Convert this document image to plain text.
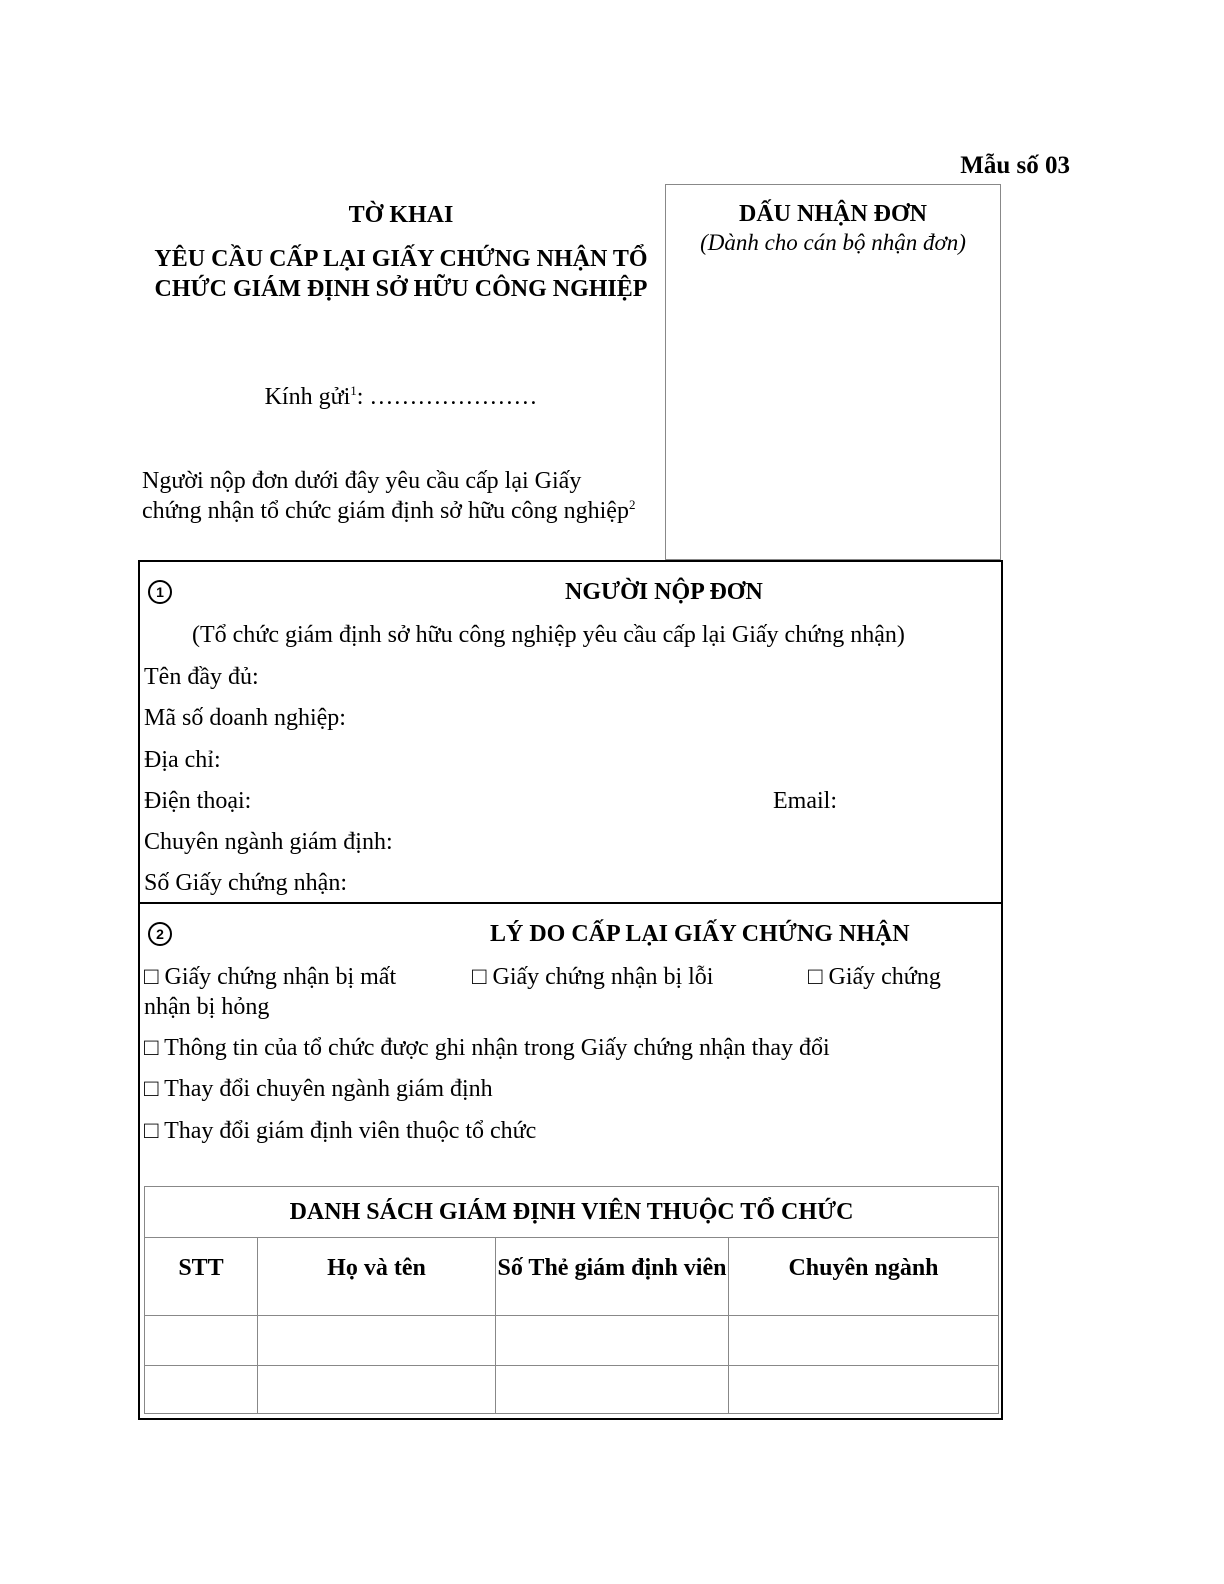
Mẫu số 03
TỜ KHAI
YÊU CẦU CẤP LẠI GIẤY CHỨNG NHẬN TỔ CHỨC GIÁM ĐỊNH SỞ HỮU CÔNG NGHIỆP
Kính gửi$^1$: …………………
Người nộp đơn dưới đây yêu cầu cấp lại Giấy chứng nhận tổ chức giám định sở hữu công nghiệp$^2$
DẤU NHẬN ĐƠN
(Dành cho cán bộ nhận đơn)
1	NGƯỜI NỘP ĐƠN
(Tổ chức giám định sở hữu công nghiệp yêu cầu cấp lại Giấy chứng nhận)
Tên đầy đủ:
Mã số doanh nghiệp:
Địa chỉ:
Điện thoại:	Email:
Chuyên ngành giám định:
Số Giấy chứng nhận:
2	LÝ DO CẤP LẠI GIẤY CHỨNG NHẬN
□ Giấy chứng nhận bị mất	□ Giấy chứng nhận bị lỗi	□ Giấy chứng
nhận bị hỏng
□ Thông tin của tổ chức được ghi nhận trong Giấy chứng nhận thay đổi
□ Thay đổi chuyên ngành giám định
□ Thay đổi giám định viên thuộc tổ chức
DANH SÁCH GIÁM ĐỊNH VIÊN THUỘC TỔ CHỨC
STT	Họ và tên	Số Thẻ giám định viên	Chuyên ngành
